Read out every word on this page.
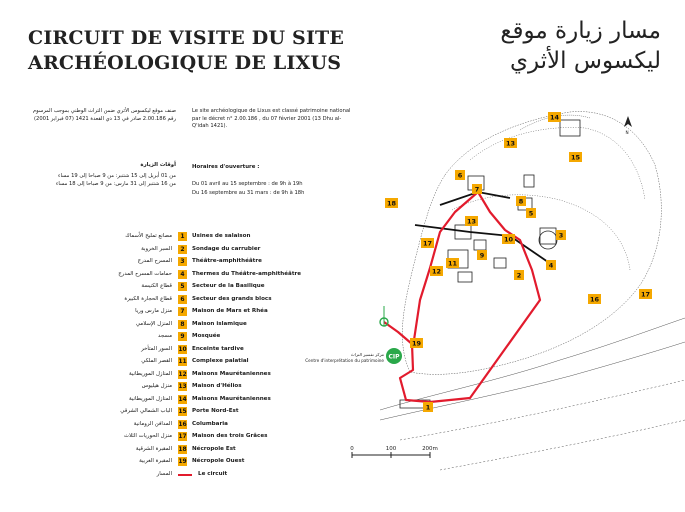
CIRCUIT DE VISITE DU SITE
ARCHÉOLOGIQUE DE LIXUS
مسار زيارة موقع
ليكسوس الأثري
صنف موقع ليكسوس الأثري ضمن التراث الوطني بموجب المرسوم رقم 2.00.186 صادر في 13 ذي القعدة 1421 (07 فبراير 2001)
Le site archéologique de Lixus est classé patrimoine national par le décret n° 2.00.186 , du 07 février 2001 (13 Dhu al-Q'idah 1421).
أوقات الزيارة
من 01 أبريل إلى 15 شتنبر: من 9 صباحا إلى 19 مساء
من 16 شتنبر إلى 31 مارس: من 9 صباحا إلى 18 مساء
Horaires d'ouverture :
Du 01 avril au 15 septembre : de 9h à 19h
Du 16 septembre au 31 mars : de 9h à 18h
مصانع تمليح الأسماك	1	Usines de salaison
السبر الخروبة	2	Sondage du carrubier
المسرح المدرج	3	Théâtre-amphithéâtre
حمامات المسرح المدرج	4	Thermes du Théâtre-amphithéâtre
قطاع الكنيسة	5	Secteur de la Basilique
قطاع الحجارة الكبيرة	6	Secteur des grands blocs
منزل مارس وريا	7	Maison de Mars et Rhéa
المنزل الإسلامي	8	Maison islamique
مسجد	9	Mosquée
السور المتأخر 10 Enceinte tardive
القصر الملكي 11 Complexe palatial
المنازل الموريطانية 12 Maisons Maurétaniennes
منزل هيليوس 13 Maison d'Hélios
المنازل الموريطانية 14 Maisons Maurétaniennes
الباب الشمالي الشرقي 15 Porte Nord-Est
المدافن الرومانية 16 Columbaria
منزل الحوريات الثلاث 17 Maison des trois Grâces
المقبرة الشرقية 18 Nécropole Est
المقبرة الغربية 19 Nécropole Ouest
المسار	Le circuit
N
CIP
مركز تفسير التراث
Centre d'interprétation du patrimoine
14
13
15
6
7
8
18
5
13
10	3
4
17
9
2
11
12
16
17
19
1
0	100	200m
